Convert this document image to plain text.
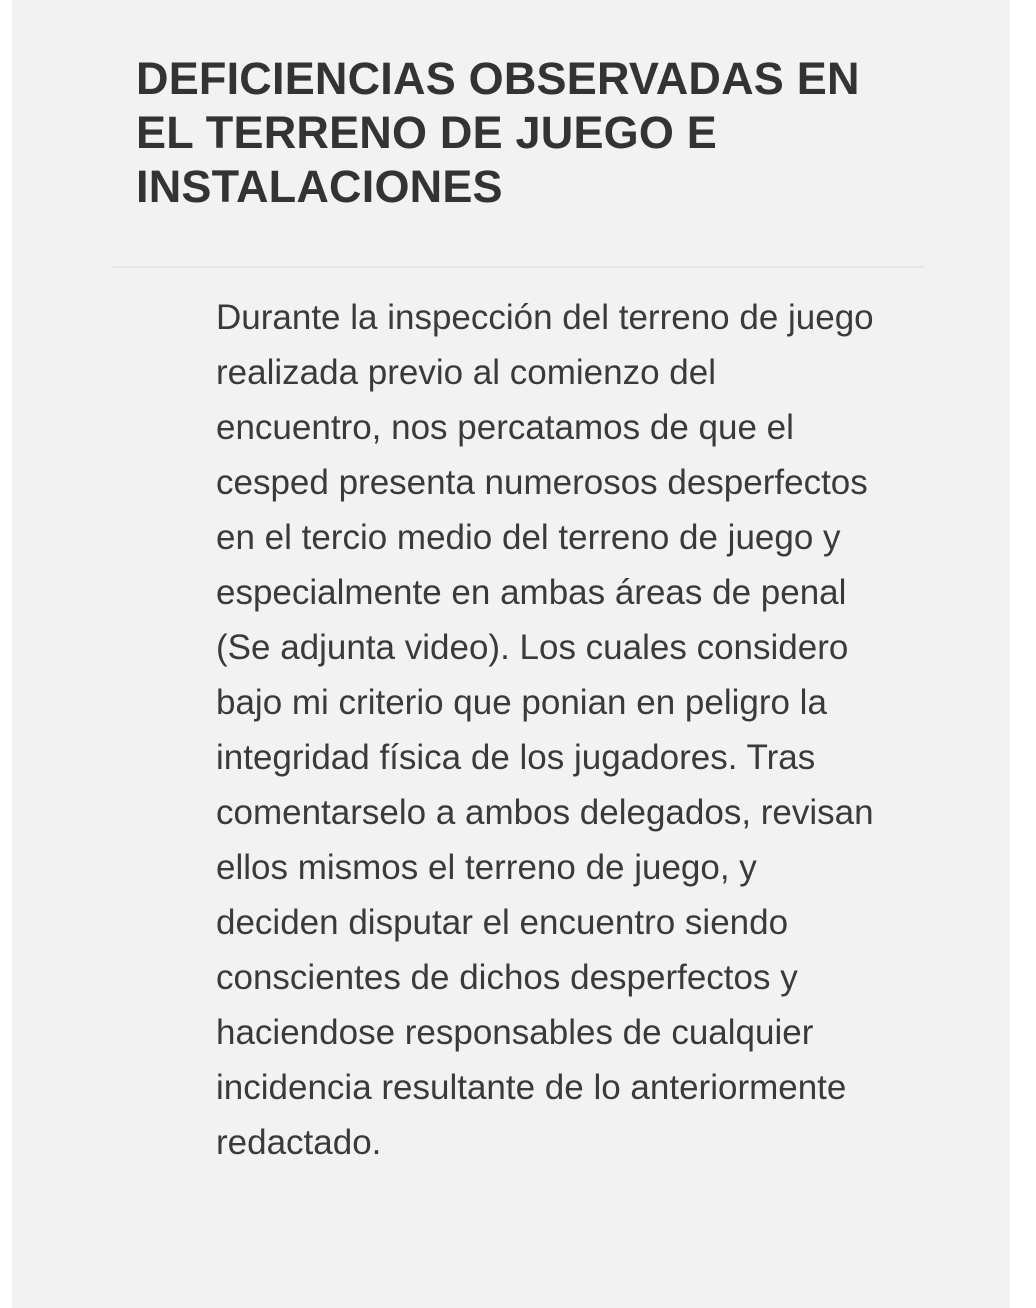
DEFICIENCIAS OBSERVADAS EN EL TERRENO DE JUEGO E INSTALACIONES

Durante la inspección del terreno de juego realizada previo al comienzo del encuentro, nos percatamos de que el cesped presenta numerosos desperfectos en el tercio medio del terreno de juego y especialmente en ambas áreas de penal (Se adjunta video). Los cuales considero bajo mi criterio que ponian en peligro la integridad física de los jugadores. Tras comentarselo a ambos delegados, revisan ellos mismos el terreno de juego, y deciden disputar el encuentro siendo conscientes de dichos desperfectos y haciendose responsables de cualquier incidencia resultante de lo anteriormente redactado.
